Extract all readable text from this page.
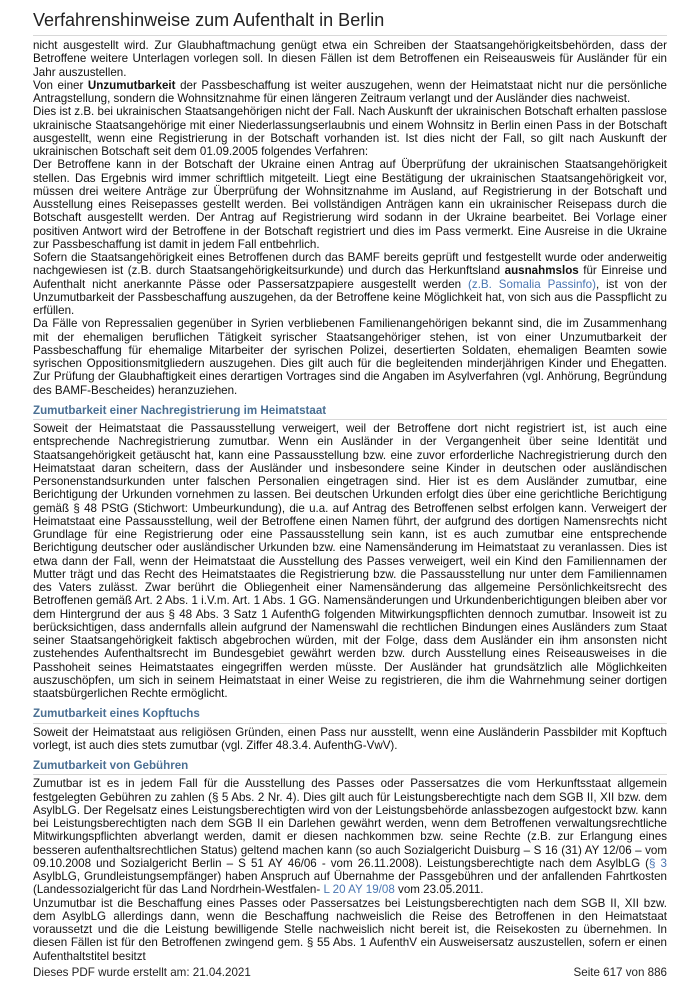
Verfahrenshinweise zum Aufenthalt in Berlin

nicht ausgestellt wird. Zur Glaubhaftmachung genügt etwa ein Schreiben der Staatsangehörigkeitsbehörden, dass der Betroffene weitere Unterlagen vorlegen soll. In diesen Fällen ist dem Betroffenen ein Reiseausweis für Ausländer für ein Jahr auszustellen.

Von einer Unzumutbarkeit der Passbeschaffung ist weiter auszugehen, wenn der Heimatstaat nicht nur die persönliche Antragstellung, sondern die Wohnsitznahme für einen längeren Zeitraum verlangt und der Ausländer dies nachweist.

Dies ist z.B. bei ukrainischen Staatsangehörigen nicht der Fall. Nach Auskunft der ukrainischen Botschaft erhalten passlose ukrainische Staatsangehörige mit einer Niederlassungserlaubnis und einem Wohnsitz in Berlin einen Pass in der Botschaft ausgestellt, wenn eine Registrierung in der Botschaft vorhanden ist. Ist dies nicht der Fall, so gilt nach Auskunft der ukrainischen Botschaft seit dem 01.09.2005 folgendes Verfahren:

Der Betroffene kann in der Botschaft der Ukraine einen Antrag auf Überprüfung der ukrainischen Staatsangehörigkeit stellen. Das Ergebnis wird immer schriftlich mitgeteilt. Liegt eine Bestätigung der ukrainischen Staatsangehörigkeit vor, müssen drei weitere Anträge zur Überprüfung der Wohnsitznahme im Ausland, auf Registrierung in der Botschaft und Ausstellung eines Reisepasses gestellt werden. Bei vollständigen Anträgen kann ein ukrainischer Reisepass durch die Botschaft ausgestellt werden. Der Antrag auf Registrierung wird sodann in der Ukraine bearbeitet. Bei Vorlage einer positiven Antwort wird der Betroffene in der Botschaft registriert und dies im Pass vermerkt. Eine Ausreise in die Ukraine zur Passbeschaffung ist damit in jedem Fall entbehrlich.

Sofern die Staatsangehörigkeit eines Betroffenen durch das BAMF bereits geprüft und festgestellt wurde oder anderweitig nachgewiesen ist (z.B. durch Staatsangehörigkeitsurkunde) und durch das Herkunftsland ausnahmslos für Einreise und Aufenthalt nicht anerkannte Pässe oder Passersatzpapiere ausgestellt werden (z.B. Somalia Passinfo), ist von der Unzumutbarkeit der Passbeschaffung auszugehen, da der Betroffene keine Möglichkeit hat, von sich aus die Passpflicht zu erfüllen.

Da Fälle von Repressalien gegenüber in Syrien verbliebenen Familienangehörigen bekannt sind, die im Zusammenhang mit der ehemaligen beruflichen Tätigkeit syrischer Staatsangehöriger stehen, ist von einer Unzumutbarkeit der Passbeschaffung für ehemalige Mitarbeiter der syrischen Polizei, desertierten Soldaten, ehemaligen Beamten sowie syrischen Oppositionsmitgliedern auszugehen. Dies gilt auch für die begleitenden minderjährigen Kinder und Ehegatten. Zur Prüfung der Glaubhaftigkeit eines derartigen Vortrages sind die Angaben im Asylverfahren (vgl. Anhörung, Begründung des BAMF-Bescheides) heranzuziehen.

Zumutbarkeit einer Nachregistrierung im Heimatstaat

Soweit der Heimatstaat die Passausstellung verweigert, weil der Betroffene dort nicht registriert ist, ist auch eine entsprechende Nachregistrierung zumutbar. Wenn ein Ausländer in der Vergangenheit über seine Identität und Staatsangehörigkeit getäuscht hat, kann eine Passausstellung bzw. eine zuvor erforderliche Nachregistrierung durch den Heimatstaat daran scheitern, dass der Ausländer und insbesondere seine Kinder in deutschen oder ausländischen Personenstandsurkunden unter falschen Personalien eingetragen sind. Hier ist es dem Ausländer zumutbar, eine Berichtigung der Urkunden vornehmen zu lassen. Bei deutschen Urkunden erfolgt dies über eine gerichtliche Berichtigung gemäß § 48 PStG (Stichwort: Umbeurkundung), die u.a. auf Antrag des Betroffenen selbst erfolgen kann. Verweigert der Heimatstaat eine Passausstellung, weil der Betroffene einen Namen führt, der aufgrund des dortigen Namensrechts nicht Grundlage für eine Registrierung oder eine Passausstellung sein kann, ist es auch zumutbar eine entsprechende Berichtigung deutscher oder ausländischer Urkunden bzw. eine Namensänderung im Heimatstaat zu veranlassen. Dies ist etwa dann der Fall, wenn der Heimatstaat die Ausstellung des Passes verweigert, weil ein Kind den Familiennamen der Mutter trägt und das Recht des Heimatstaates die Registrierung bzw. die Passausstellung nur unter dem Familiennamen des Vaters zulässt. Zwar berührt die Obliegenheit einer Namensänderung das allgemeine Persönlichkeitsrecht des Betroffenen gemäß Art. 2 Abs. 1 i.V.m. Art. 1 Abs. 1 GG. Namensänderungen und Urkundenberichtigungen bleiben aber vor dem Hintergrund der aus § 48 Abs. 3 Satz 1 AufenthG folgenden Mitwirkungspflichten dennoch zumutbar. Insoweit ist zu berücksichtigen, dass andernfalls allein aufgrund der Namenswahl die rechtlichen Bindungen eines Ausländers zum Staat seiner Staatsangehörigkeit faktisch abgebrochen würden, mit der Folge, dass dem Ausländer ein ihm ansonsten nicht zustehendes Aufenthaltsrecht im Bundesgebiet gewährt werden bzw. durch Ausstellung eines Reiseausweises in die Passhoheit seines Heimatstaates eingegriffen werden müsste. Der Ausländer hat grundsätzlich alle Möglichkeiten auszuschöpfen, um sich in seinem Heimatstaat in einer Weise zu registrieren, die ihm die Wahrnehmung seiner dortigen staatsbürgerlichen Rechte ermöglicht.

Zumutbarkeit eines Kopftuchs

Soweit der Heimatstaat aus religiösen Gründen, einen Pass nur ausstellt, wenn eine Ausländerin Passbilder mit Kopftuch vorlegt, ist auch dies stets zumutbar (vgl. Ziffer 48.3.4. AufenthG-VwV).

Zumutbarkeit von Gebühren

Zumutbar ist es in jedem Fall für die Ausstellung des Passes oder Passersatzes die vom Herkunftsstaat allgemein festgelegten Gebühren zu zahlen (§ 5 Abs. 2 Nr. 4). Dies gilt auch für Leistungsberechtigte nach dem SGB II, XII bzw. dem AsylbLG. Der Regelsatz eines Leistungsberechtigten wird von der Leistungsbehörde anlassbezogen aufgestockt bzw. kann bei Leistungsberechtigten nach dem SGB II ein Darlehen gewährt werden, wenn dem Betroffenen verwaltungsrechtliche Mitwirkungspflichten abverlangt werden, damit er diesen nachkommen bzw. seine Rechte (z.B. zur Erlangung eines besseren aufenthaltsrechtlichen Status) geltend machen kann (so auch Sozialgericht Duisburg – S 16 (31) AY 12/06 – vom 09.10.2008 und Sozialgericht Berlin – S 51 AY 46/06 - vom 26.11.2008). Leistungsberechtigte nach dem AsylbLG (§ 3 AsylbLG, Grundleistungsempfänger) haben Anspruch auf Übernahme der Passgebühren und der anfallenden Fahrtkosten (Landessozialgericht für das Land Nordrhein-Westfalen- L 20 AY 19/08 vom 23.05.2011.

Unzumutbar ist die Beschaffung eines Passes oder Passersatzes bei Leistungsberechtigten nach dem SGB II, XII bzw. dem AsylbLG allerdings dann, wenn die Beschaffung nachweislich die Reise des Betroffenen in den Heimatstaat voraussetzt und die die Leistung bewilligende Stelle nachweislich nicht bereit ist, die Reisekosten zu übernehmen. In diesen Fällen ist für den Betroffenen zwingend gem. § 55 Abs. 1 AufenthV ein Ausweisersatz auszustellen, sofern er einen Aufenthaltstitel besitzt

Dieses PDF wurde erstellt am: 21.04.2021	Seite 617 von 886
